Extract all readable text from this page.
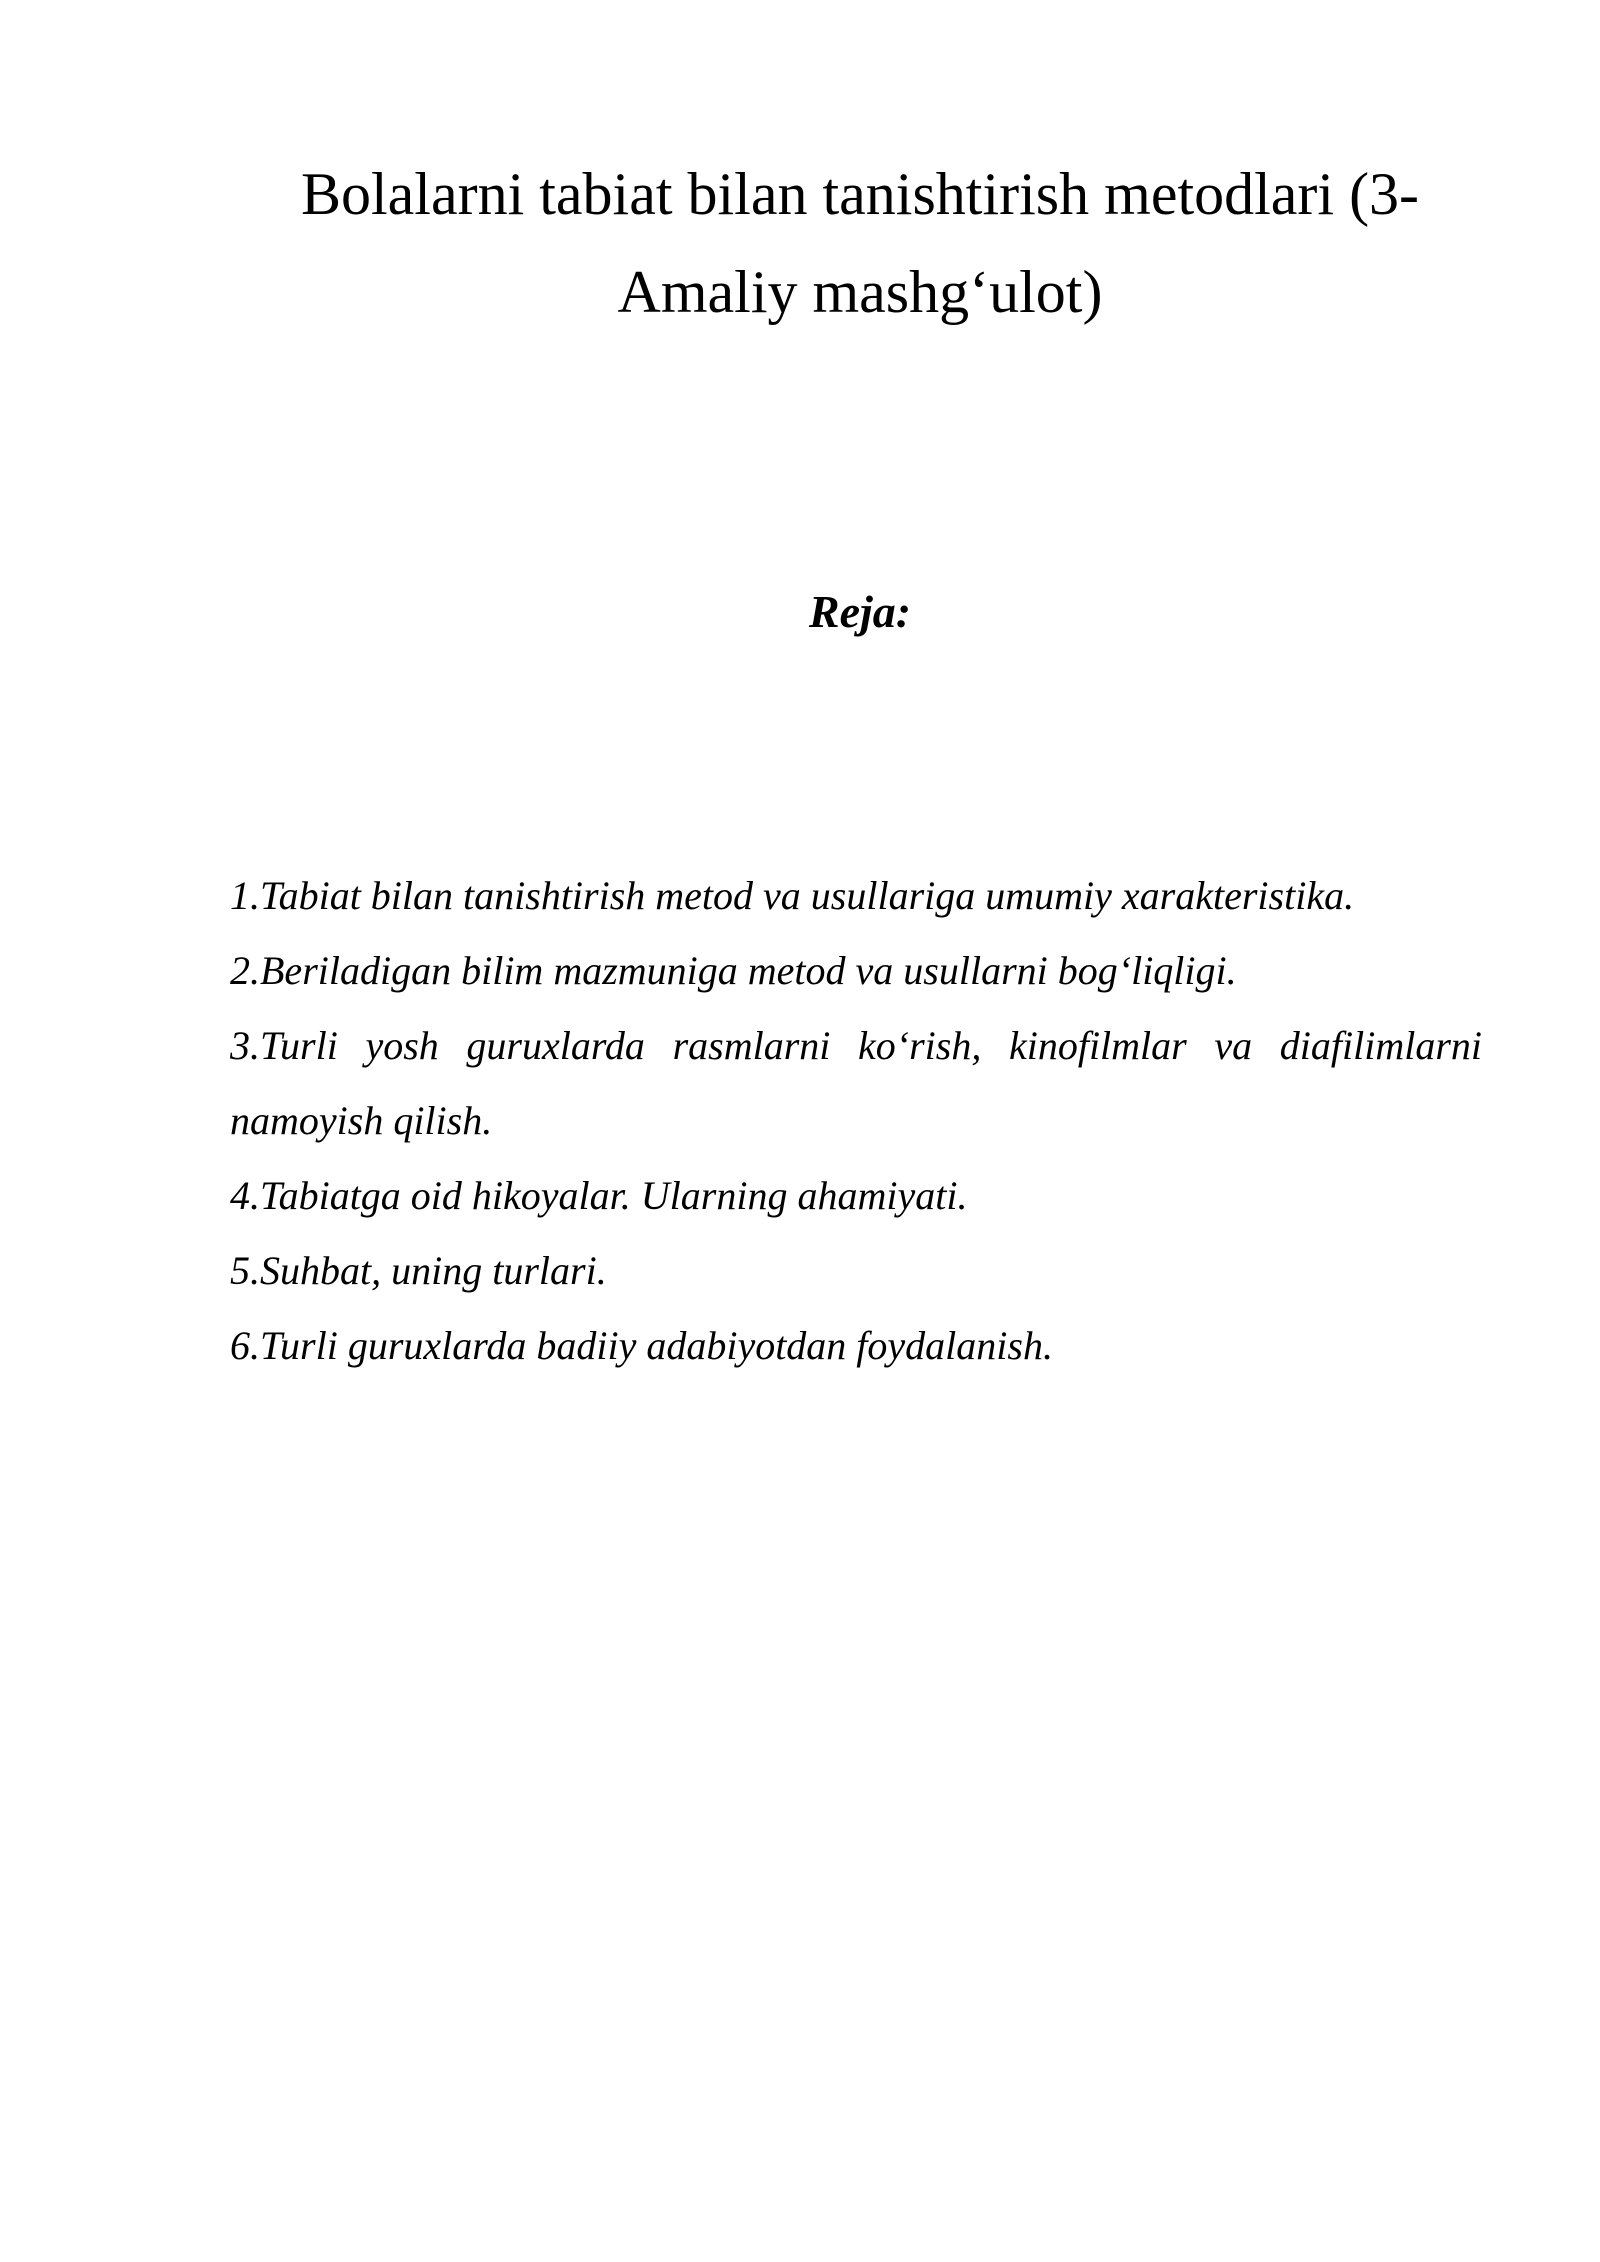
Bolalarni tabiat bilan tanishtirish metodlari (3-
Amaliy mashg‘ulot)
Reja:
1.Tabiat bilan tanishtirish metod va usullariga umumiy xarakteristika.
2.Beriladigan bilim mazmuniga metod va usullarni bog‘liqligi.
3.Turli yosh guruxlarda rasmlarni ko‘rish, kinofilmlar va diafilimlarni namoyish qilish.
4.Tabiatga oid hikoyalar. Ularning ahamiyati.
5.Suhbat, uning turlari.
6.Turli guruxlarda badiiy adabiyotdan foydalanish.
